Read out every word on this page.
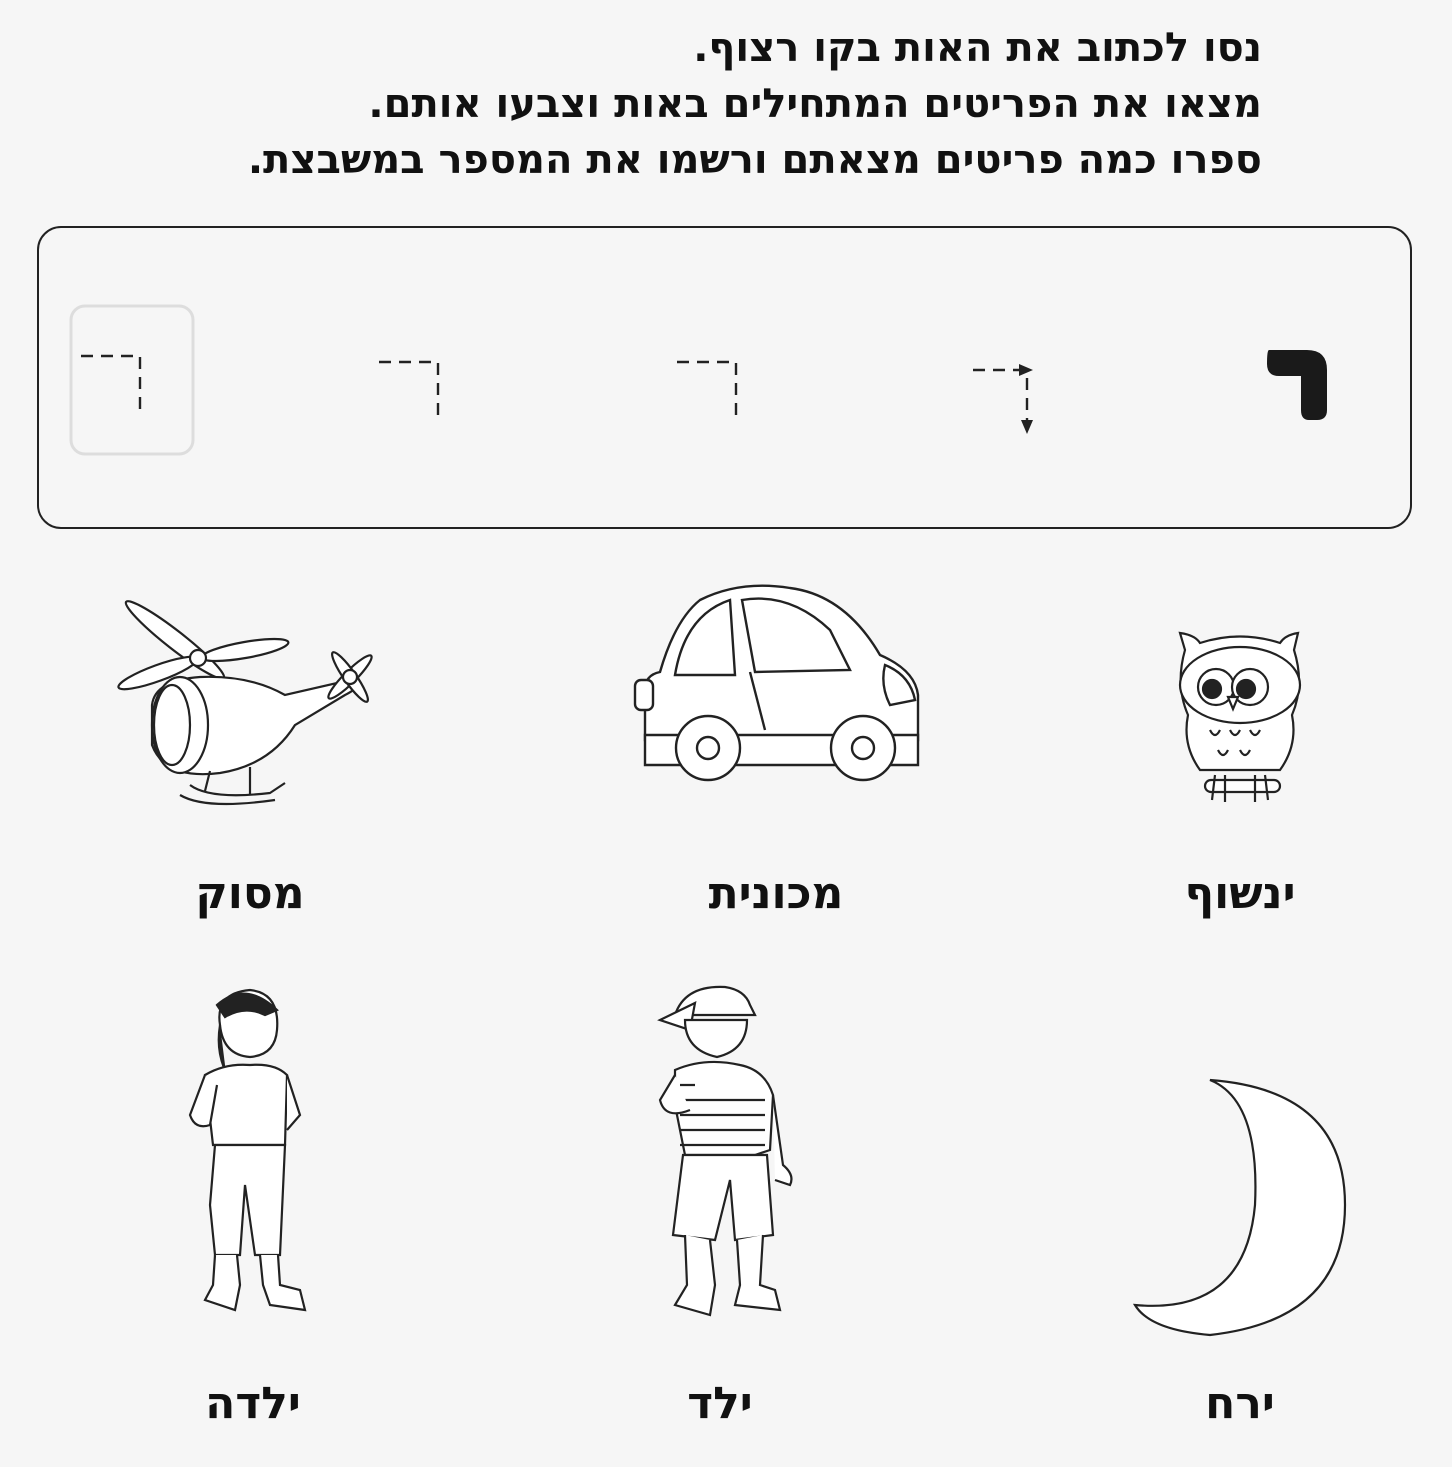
נסו לכתוב את האות בקו רצוף.

מצאו את הפריטים המתחילים באות וצבעו אותם.

ספרו כמה פריטים מצאתם ורשמו את המספר במשבצת.

מסוק	מכונית	ינשוף
ילדה	ילד	ירח
